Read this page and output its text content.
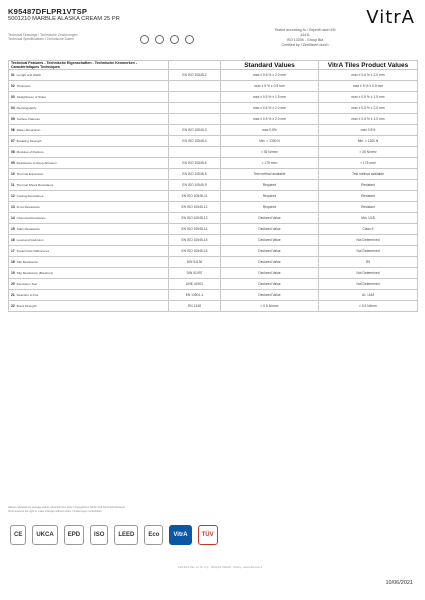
K95487DFLPR1VTSP
5001210 MARBLE ALASKA CREAM 25 PR	VitrA
Technical Drawings / Technische Zeichnungen
Technical Specifications / Technische Daten
Tested according to / Geprüft nach EN 14411
ISO 13006 - Group BIa
Certified by / Zertifiziert durch
Technical Features - Technische Eigenschaften - Technische Kenmerken - Caractéristiques Techniques		Standard Values	VitrA Tiles Product Values
01 Length and Width	EN ISO 10545-2	max ± 0.6 % ± 2.0 mm	max ± 0.6 % ± 2.0 mm
02 Thickness		max ± 5 % ± 0.5 mm	max ± 5 % ± 0.5 mm
03 Straightness of Sides		max ± 0.5 % ± 1.5 mm	max ± 0.5 % ± 1.5 mm
04 Rectangularity		max ± 0.5 % ± 2.0 mm	max ± 0.5 % ± 2.0 mm
05 Surface Flatness		max ± 0.5 % ± 2.0 mm	max ± 0.5 % ± 2.0 mm
06 Water Absorption	EN ISO 10545-3	max 0.5%	max 0.5%
07 Breaking Strength	EN ISO 10545-4	Min. > 1300 N	Min. > 1300 N
08 Modulus of Rupture		> 35 N/mm²	> 35 N/mm²
09 Resistance to Deep Abrasion	EN ISO 10545-6	< 175 mm³	< 175 mm³
10 Thermal Expansion	EN ISO 10545-8	Test method available	Test method available
11 Thermal Shock Resistance	EN ISO 10545-9	Required	Resistant
12 Crazing Resistance	EN ISO 10545-11	Required	Resistant
13 Frost Resistance	EN ISO 10545-12	Required	Resistant
14 Chemical Resistance	EN ISO 10545-13	Declared Value	Min. ULB
15 Stain Resistance	EN ISO 10545-14	Declared Value	Class 5
16 Lead and Cadmium	EN ISO 10545-15	Declared Value	Not Determined
17 Small Color Differences	EN ISO 10545-16	Declared Value	Not Determined
18 Slip Resistance	DIN 51130	Declared Value	R9
19 Slip Resistance (Barefoot)	DIN 51097	Declared Value	Not Determined
20 Pendulum Test	UNE 41901	Declared Value	Not Determined
21 Reaction to Fire	EN 13501-1	Declared Value	A1 / A1fl
22 Bond Strength	EN 1348	> 0.5 N/mm²	> 0.5 N/mm²
Values indicated are average values obtained from tests / Angegebene Werte sind Durchschnittswerte
VitrA reserves the right to make changes without notice / Änderungen vorbehalten
CE	UKCA	EPD	ISO	LEED	Eco	VitrA	TÜV
VitrA Karo San. ve Tic. A.Ş. - Bozüyük / Bilecik - Turkey - www.vitra.com.tr
10/06/2021
